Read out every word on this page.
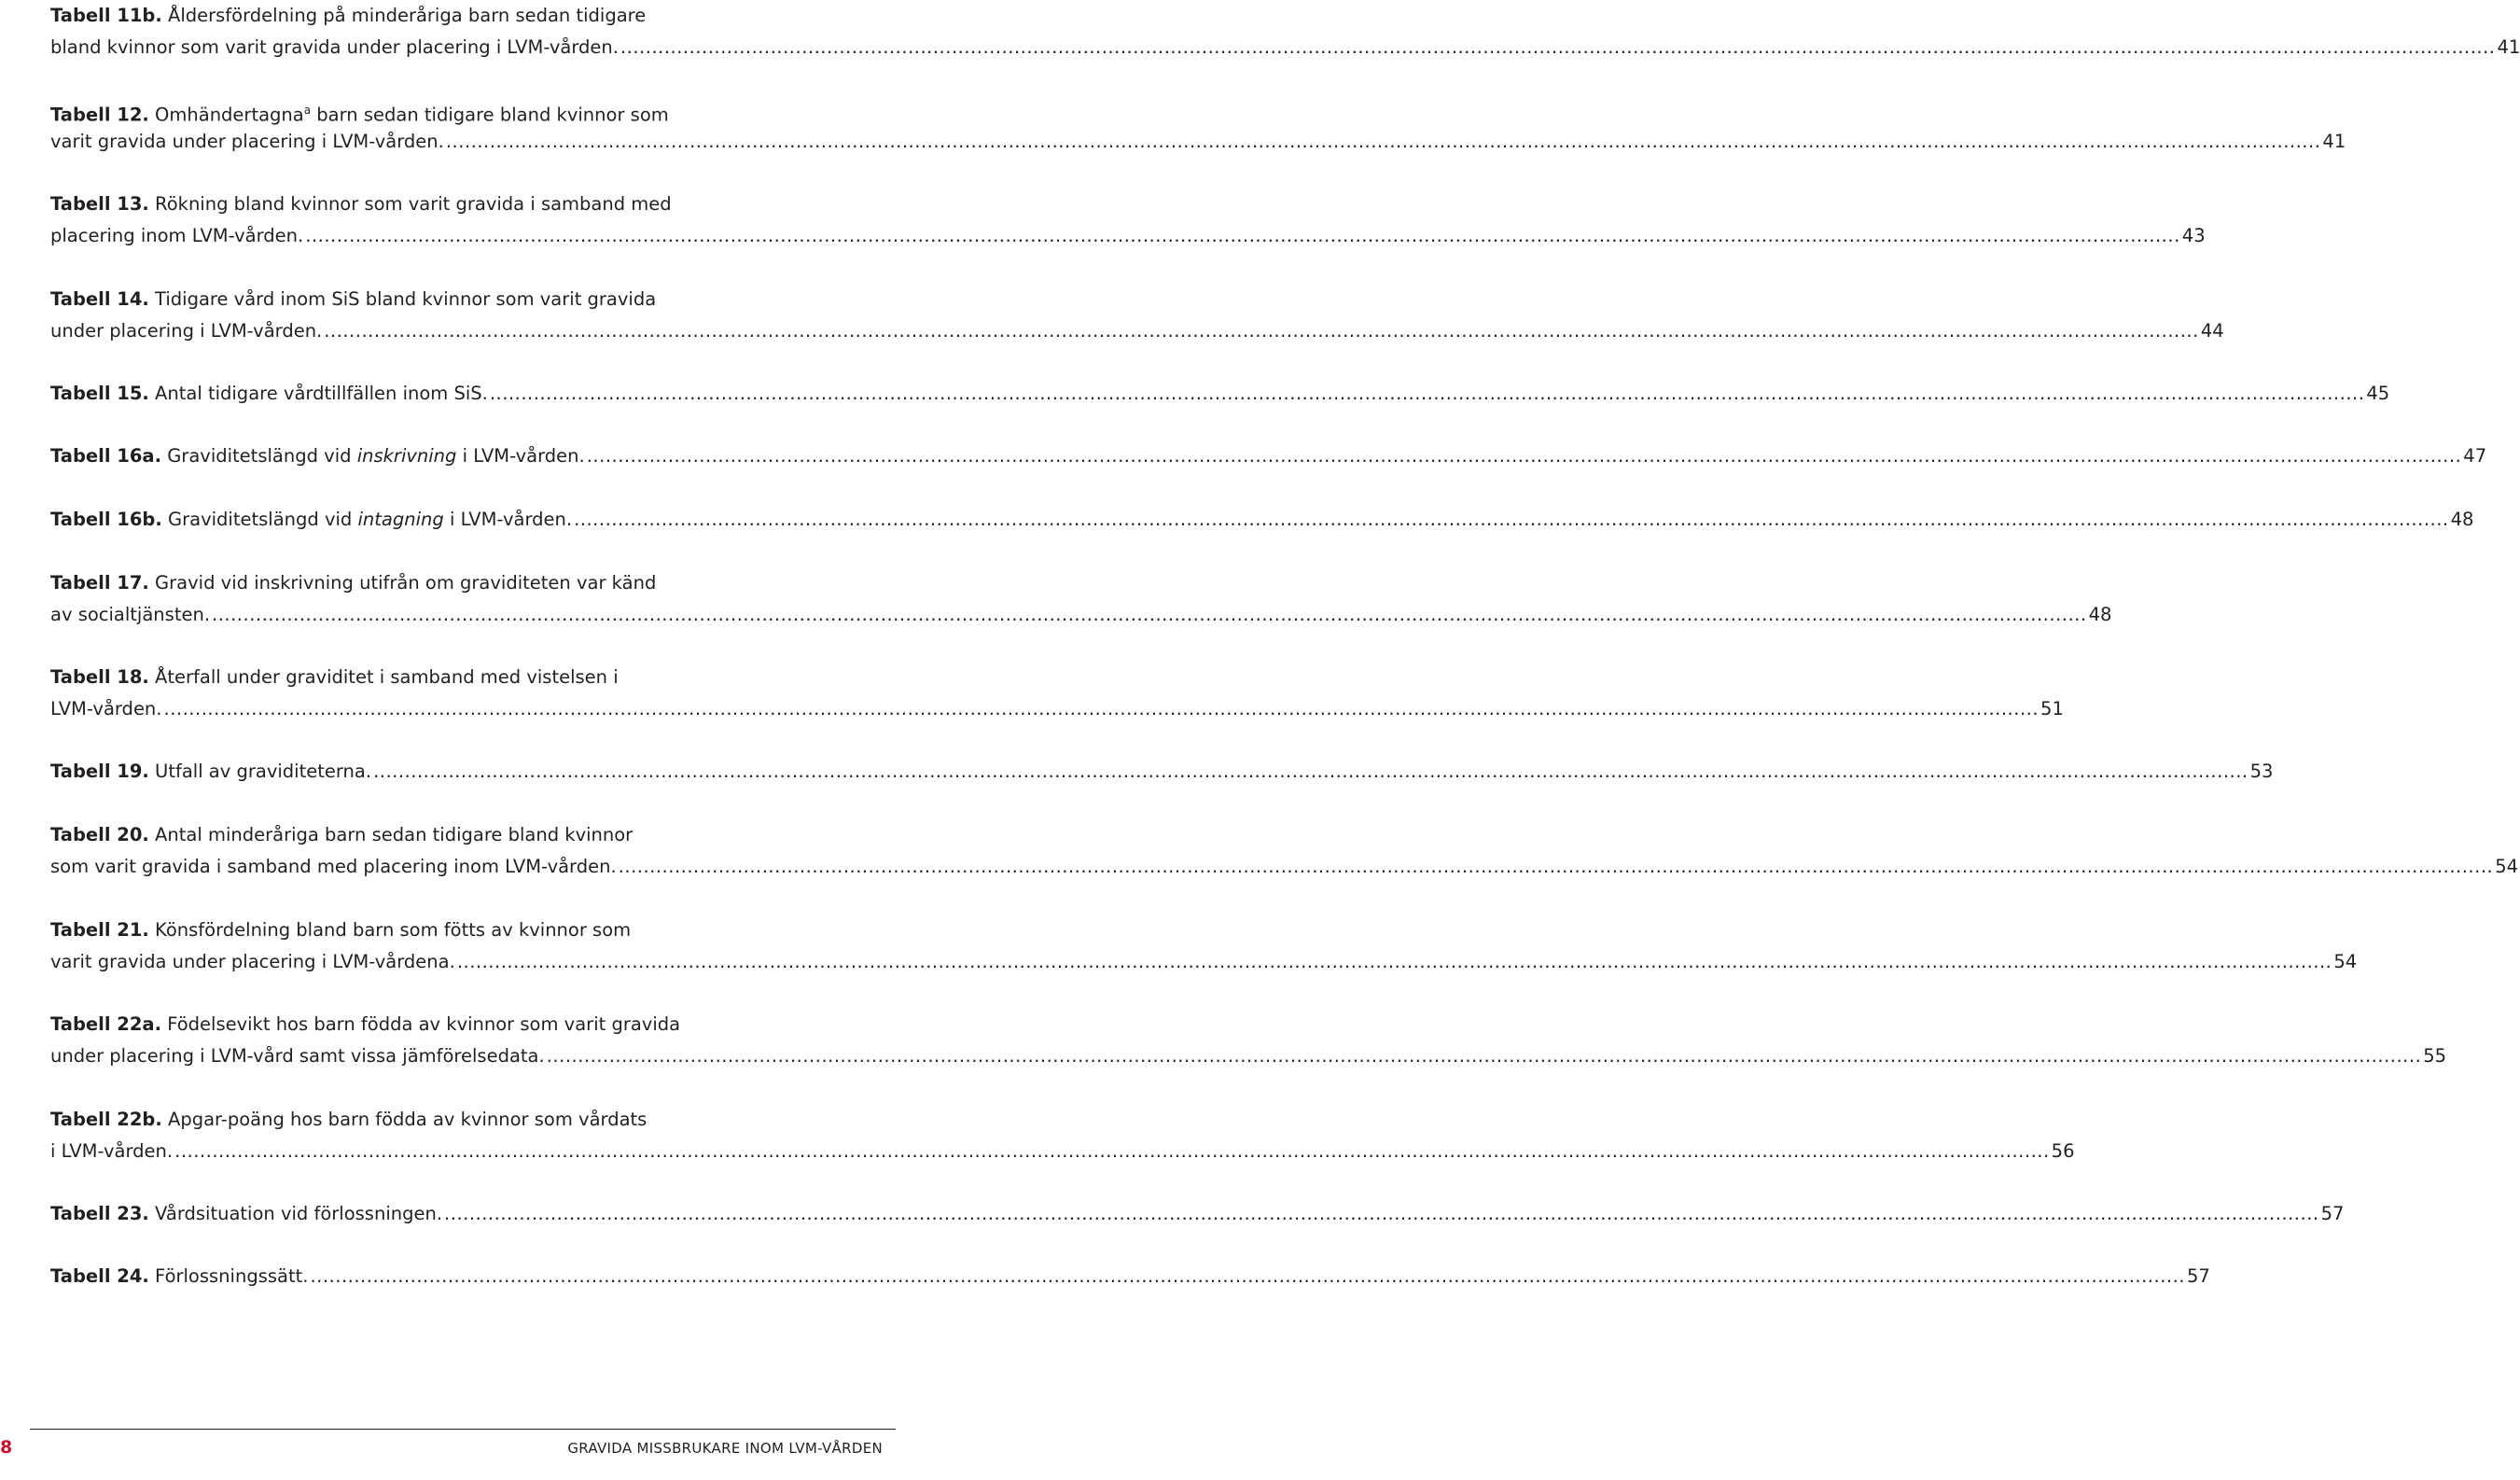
Tabell 11b. Åldersfördelning på minderåriga barn sedan tidigare
bland kvinnor som varit gravida under placering i LVM-vården. ............................................................................................................................................................................................................................................................................................................ 41
Tabell 12. Omhändertagna$^a$ barn sedan tidigare bland kvinnor som
varit gravida under placering i LVM-vården. ............................................................................................................................................................................................................................................................................................................ 41
Tabell 13. Rökning bland kvinnor som varit gravida i samband med
placering inom LVM-vården. ............................................................................................................................................................................................................................................................................................................ 43
Tabell 14. Tidigare vård inom SiS bland kvinnor som varit gravida
under placering i LVM-vården. ............................................................................................................................................................................................................................................................................................................ 44
Tabell 15. Antal tidigare vårdtillfällen inom SiS. ............................................................................................................................................................................................................................................................................................................ 45
Tabell 16a. Graviditetslängd vid inskrivning i LVM-vården. ............................................................................................................................................................................................................................................................................................................ 47
Tabell 16b. Graviditetslängd vid intagning i LVM-vården. ............................................................................................................................................................................................................................................................................................................ 48
Tabell 17. Gravid vid inskrivning utifrån om graviditeten var känd
av socialtjänsten. ............................................................................................................................................................................................................................................................................................................ 48
Tabell 18. Återfall under graviditet i samband med vistelsen i
LVM-vården. ............................................................................................................................................................................................................................................................................................................ 51
Tabell 19. Utfall av graviditeterna. ............................................................................................................................................................................................................................................................................................................ 53
Tabell 20. Antal minderåriga barn sedan tidigare bland kvinnor
som varit gravida i samband med placering inom LVM-vården. ............................................................................................................................................................................................................................................................................................................ 54
Tabell 21. Könsfördelning bland barn som fötts av kvinnor som
varit gravida under placering i LVM-vårdena. ............................................................................................................................................................................................................................................................................................................ 54
Tabell 22a. Födelsevikt hos barn födda av kvinnor som varit gravida
under placering i LVM-vård samt vissa jämförelsedata. ............................................................................................................................................................................................................................................................................................................ 55
Tabell 22b. Apgar-poäng hos barn födda av kvinnor som vårdats
i LVM-vården. ............................................................................................................................................................................................................................................................................................................ 56
Tabell 23. Vårdsituation vid förlossningen. ............................................................................................................................................................................................................................................................................................................ 57
Tabell 24. Förlossningssätt. ............................................................................................................................................................................................................................................................................................................ 57
8	GRAVIDA MISSBRUKARE INOM LVM-VÅRDEN
